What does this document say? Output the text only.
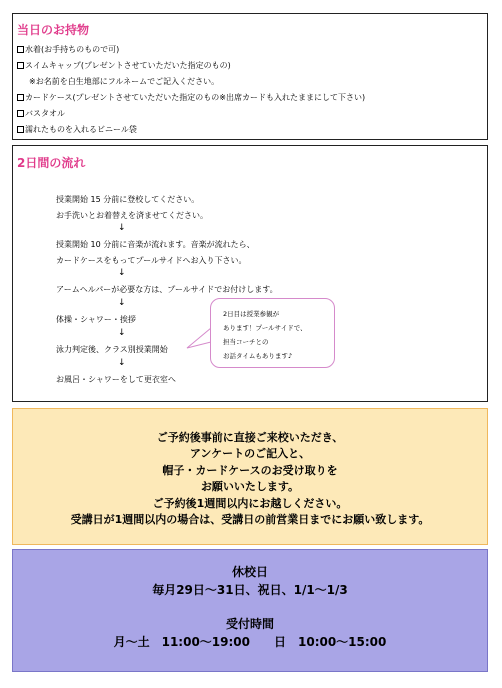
当日のお持物
水着(お手持ちのもので可)
スイムキャップ(プレゼントさせていただいた指定のもの)
※お名前を白生地部にフルネームでご記入ください。
カードケース(プレゼントさせていただいた指定のもの※出席カードも入れたままにして下さい)
バスタオル
濡れたものを入れるビニール袋
2日間の流れ
授業開始 15 分前に登校してください。
お手洗いとお着替えを済ませてください。
↓
授業開始 10 分前に音楽が流れます。音楽が流れたら、
カードケースをもってプールサイドへお入り下さい。
↓
アームヘルパーが必要な方は、プールサイドでお付けします。
↓
体操・シャワー・挨拶
↓
泳力判定後、クラス別授業開始
↓
お風呂・シャワーをして更衣室へ
2日目は授業参観が
あります！プールサイドで、
担当コーチとの
お話タイムもあります♪
ご予約後事前に直接ご来校いただき、
アンケートのご記入と、
帽子・カードケースのお受け取りを
お願いいたします。
ご予約後1週間以内にお越しください。
受講日が1週間以内の場合は、受講日の前営業日までにお願い致します。
休校日
毎月29日～31日、祝日、1/1～1/3
受付時間
月～土　11:00～19:00　　日　10:00～15:00
